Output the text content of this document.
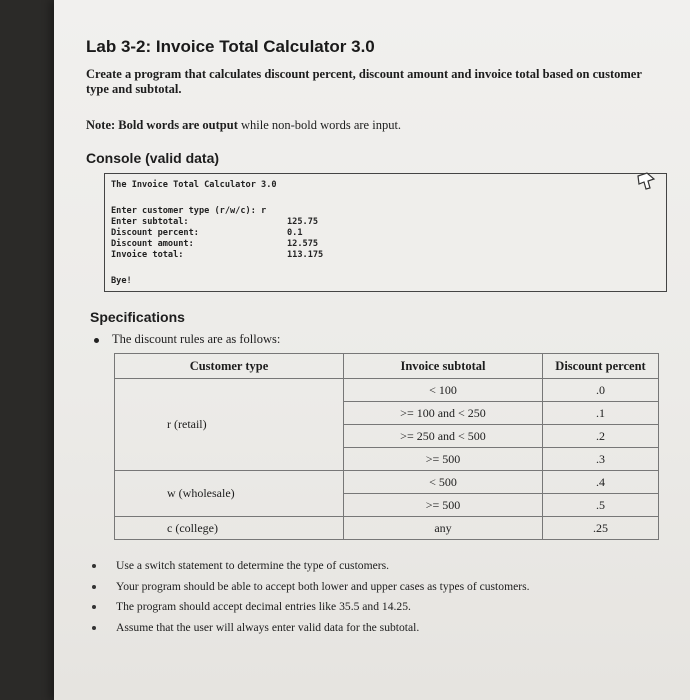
Lab 3-2: Invoice Total Calculator 3.0
Create a program that calculates discount percent, discount amount and invoice total based on customer type and subtotal.
Note: Bold words are output while non-bold words are input.
Console (valid data)
The Invoice Total Calculator 3.0
Enter customer type (r/w/c): r
Enter subtotal:	125.75
Discount percent:	0.1
Discount amount:	12.575
Invoice total:	113.175
Bye!
Specifications
The discount rules are as follows:
Customer type	Invoice subtotal	Discount percent
r (retail)	< 100	.0
	>= 100 and < 250	.1
	>= 250 and < 500	.2
	>= 500	.3
w (wholesale)	< 500	.4
	>= 500	.5
c (college)	any	.25
Use a switch statement to determine the type of customers.
Your program should be able to accept both lower and upper cases as types of customers.
The program should accept decimal entries like 35.5 and 14.25.
Assume that the user will always enter valid data for the subtotal.
